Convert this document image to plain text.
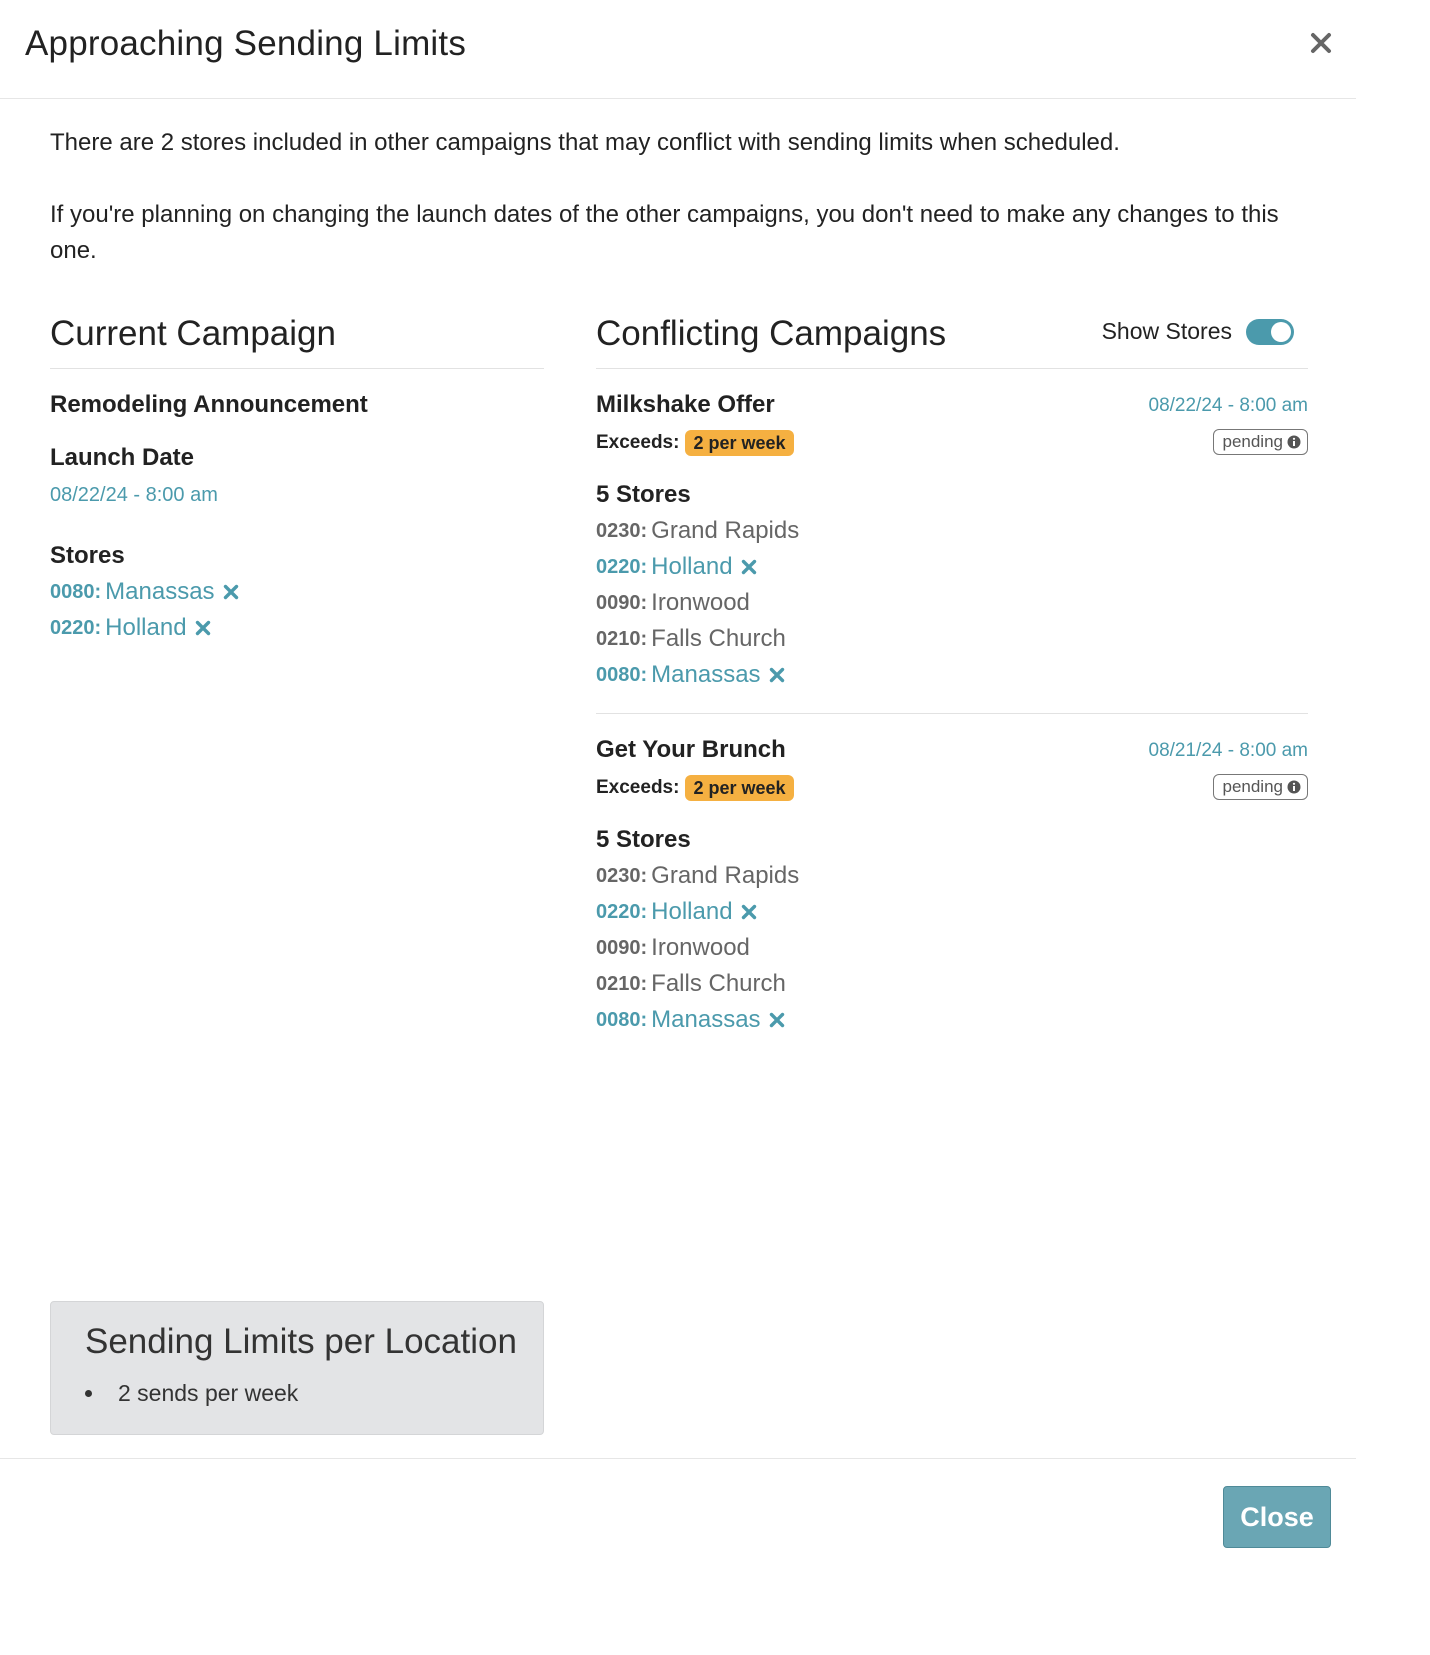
Approaching Sending Limits

There are 2 stores included in other campaigns that may conflict with sending limits when scheduled.

If you're planning on changing the launch dates of the other campaigns, you don't need to make any changes to this one.

Current Campaign
Remodeling Announcement
Launch Date
08/22/24 - 8:00 am
Stores
0080: Manassas
0220: Holland
Conflicting Campaigns	Show Stores
Milkshake Offer	08/22/24 - 8:00 am
pending
Exceeds: 2 per week
5 Stores
0230: Grand Rapids
0220: Holland
0090: Ironwood
0210: Falls Church
0080: Manassas
Get Your Brunch	08/21/24 - 8:00 am
pending
Exceeds: 2 per week
5 Stores
0230: Grand Rapids
0220: Holland
0090: Ironwood
0210: Falls Church
0080: Manassas
Sending Limits per Location
2 sends per week
Close
